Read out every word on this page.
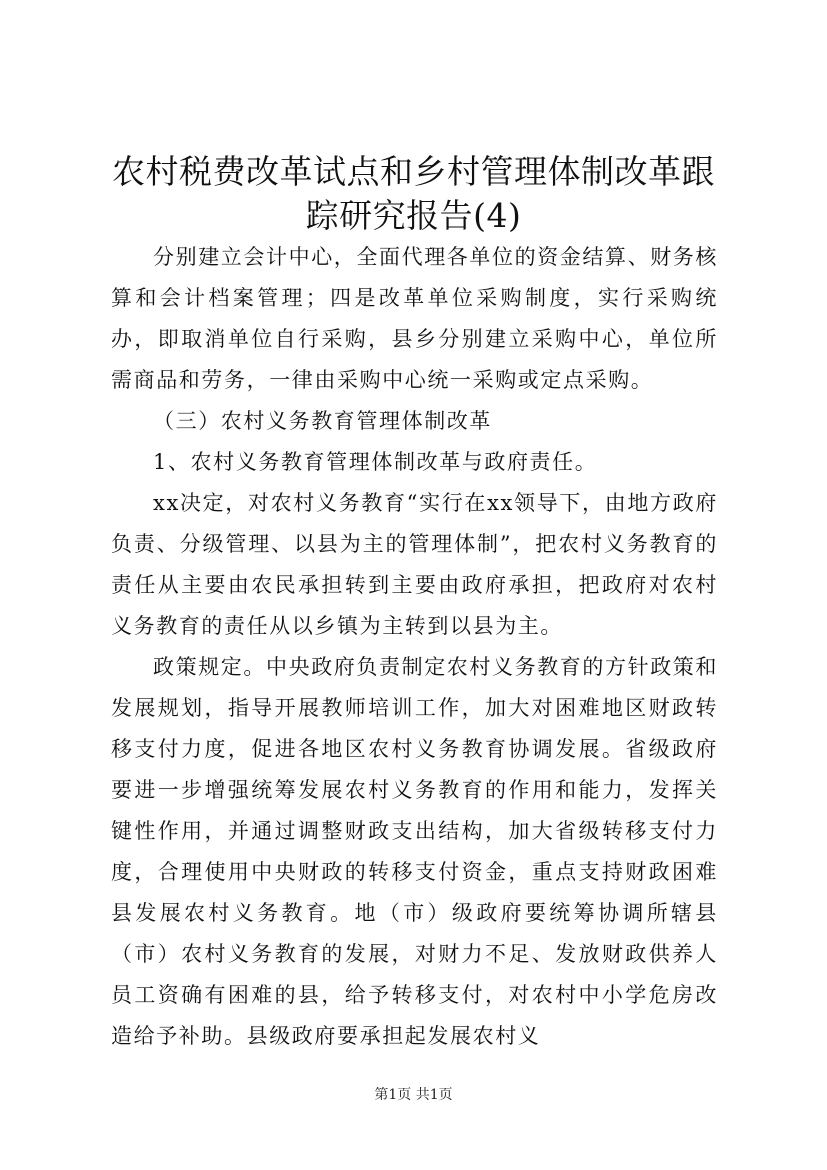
农村税费改革试点和乡村管理体制改革跟踪研究报告(4)

分别建立会计中心，全面代理各单位的资金结算、财务核算和会计档案管理；四是改革单位采购制度，实行采购统办，即取消单位自行采购，县乡分别建立采购中心，单位所需商品和劳务，一律由采购中心统一采购或定点采购。

（三）农村义务教育管理体制改革

1、农村义务教育管理体制改革与政府责任。

xx决定，对农村义务教育“实行在xx领导下，由地方政府负责、分级管理、以县为主的管理体制”，把农村义务教育的责任从主要由农民承担转到主要由政府承担，把政府对农村义务教育的责任从以乡镇为主转到以县为主。

政策规定。中央政府负责制定农村义务教育的方针政策和发展规划，指导开展教师培训工作，加大对困难地区财政转移支付力度，促进各地区农村义务教育协调发展。省级政府要进一步增强统筹发展农村义务教育的作用和能力，发挥关键性作用，并通过调整财政支出结构，加大省级转移支付力度，合理使用中央财政的转移支付资金，重点支持财政困难县发展农村义务教育。地（市）级政府要统筹协调所辖县（市）农村义务教育的发展，对财力不足、发放财政供养人员工资确有困难的县，给予转移支付，对农村中小学危房改造给予补助。县级政府要承担起发展农村义

第1页 共1页
